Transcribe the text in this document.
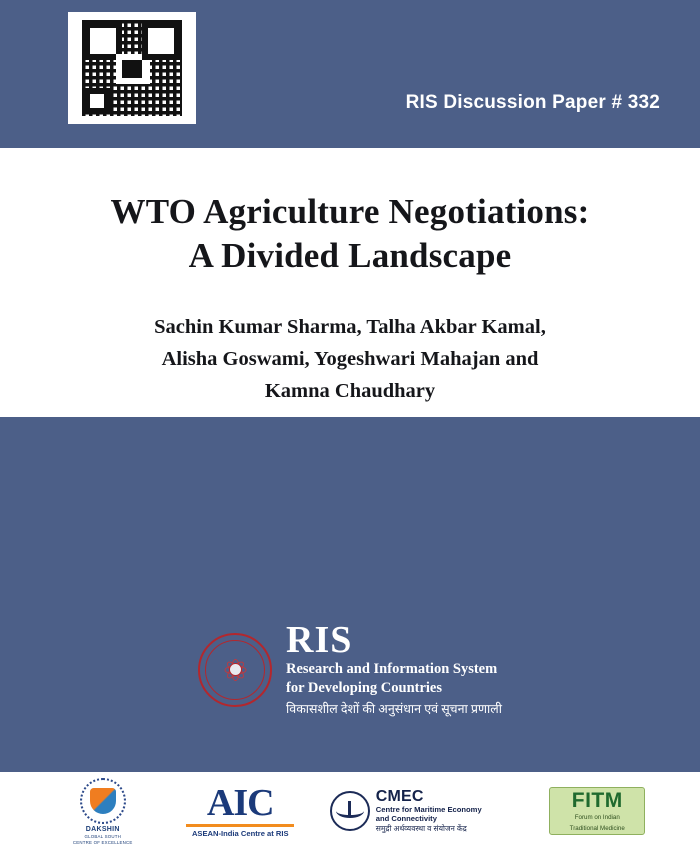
RIS Discussion Paper # 332
WTO Agriculture Negotiations:
A Divided Landscape
Sachin Kumar Sharma, Talha Akbar Kamal,
Alisha Goswami, Yogeshwari Mahajan and
Kamna Chaudhary
RIS
Research and Information System
for Developing Countries
विकासशील देशों की अनुसंधान एवं सूचना प्रणाली
DAKSHIN
GLOBAL SOUTH
CENTRE OF EXCELLENCE
AIC
ASEAN-India Centre at RIS
CMEC
Centre for Maritime Economy
and Connectivity
समुद्री अर्थव्यवस्था व संयोजन केंद्र
FITM
Forum on Indian
Traditional Medicine
